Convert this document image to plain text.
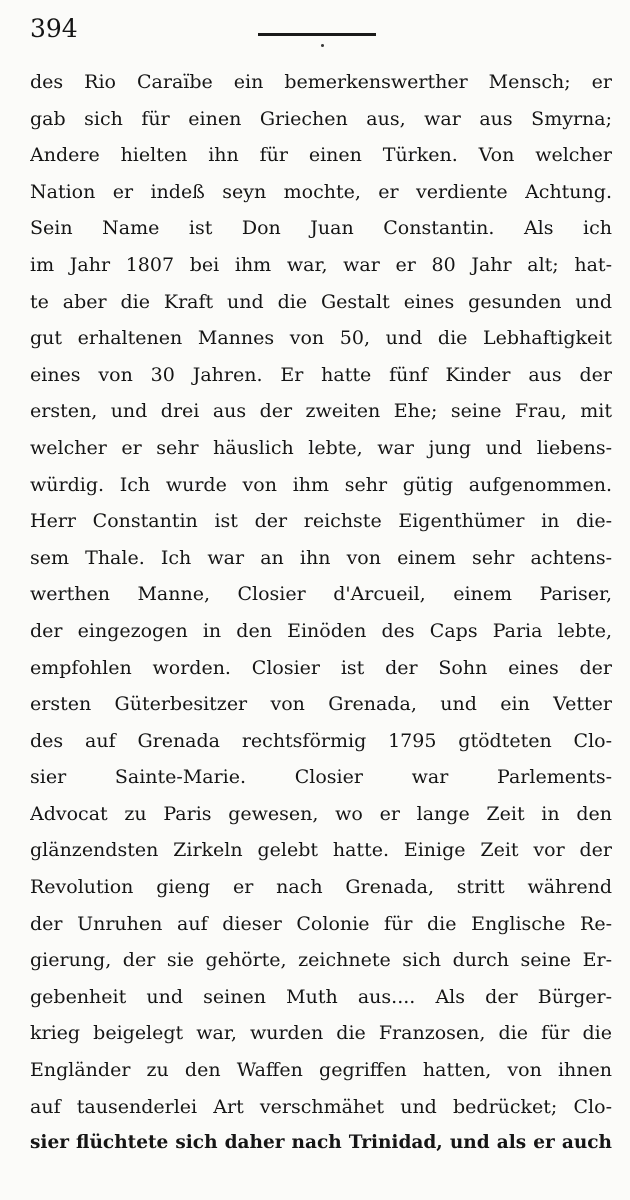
394
des Rio Caraïbe ein bemerkenswerther Mensch; er
gab sich für einen Griechen aus, war aus Smyrna;
Andere hielten ihn für einen Türken. Von welcher
Nation er indeß seyn mochte, er verdiente Achtung.
Sein Name ist Don Juan Constantin. Als ich
im Jahr 1807 bei ihm war, war er 80 Jahr alt; hat-
te aber die Kraft und die Gestalt eines gesunden und
gut erhaltenen Mannes von 50, und die Lebhaftigkeit
eines von 30 Jahren. Er hatte fünf Kinder aus der
ersten, und drei aus der zweiten Ehe; seine Frau, mit
welcher er sehr häuslich lebte, war jung und liebens-
würdig. Ich wurde von ihm sehr gütig aufgenommen.
Herr Constantin ist der reichste Eigenthümer in die-
sem Thale. Ich war an ihn von einem sehr achtens-
werthen Manne, Closier d'Arcueil, einem Pariser,
der eingezogen in den Einöden des Caps Paria lebte,
empfohlen worden. Closier ist der Sohn eines der
ersten Güterbesitzer von Grenada, und ein Vetter
des auf Grenada rechtsförmig 1795 gtödteten Clo-
sier Sainte-Marie. Closier war Parlements-
Advocat zu Paris gewesen, wo er lange Zeit in den
glänzendsten Zirkeln gelebt hatte. Einige Zeit vor der
Revolution gieng er nach Grenada, stritt während
der Unruhen auf dieser Colonie für die Englische Re-
gierung, der sie gehörte, zeichnete sich durch seine Er-
gebenheit und seinen Muth aus.... Als der Bürger-
krieg beigelegt war, wurden die Franzosen, die für die
Engländer zu den Waffen gegriffen hatten, von ihnen
auf tausenderlei Art verschmähet und bedrücket; Clo-
sier flüchtete sich daher nach Trinidad, und als er auch
